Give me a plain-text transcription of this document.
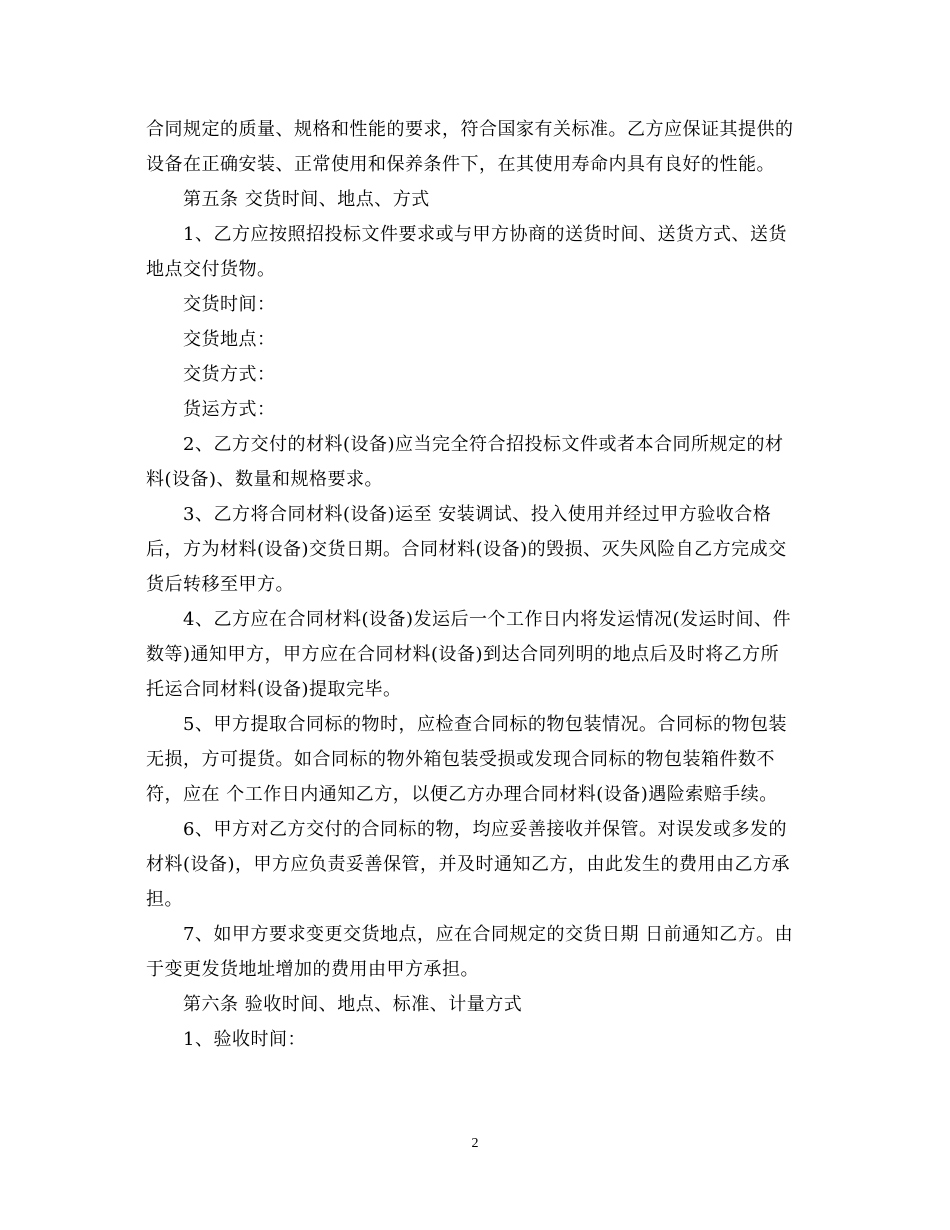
合同规定的质量、规格和性能的要求，符合国家有关标准。乙方应保证其提供的

设备在正确安装、正常使用和保养条件下，在其使用寿命内具有良好的性能。

第五条 交货时间、地点、方式

1、乙方应按照招投标文件要求或与甲方协商的送货时间、送货方式、送货

地点交付货物。

交货时间：

交货地点：

交货方式：

货运方式：

2、乙方交付的材料(设备)应当完全符合招投标文件或者本合同所规定的材

料(设备)、数量和规格要求。

3、乙方将合同材料(设备)运至 安装调试、投入使用并经过甲方验收合格

后，方为材料(设备)交货日期。合同材料(设备)的毁损、灭失风险自乙方完成交

货后转移至甲方。

4、乙方应在合同材料(设备)发运后一个工作日内将发运情况(发运时间、件

数等)通知甲方，甲方应在合同材料(设备)到达合同列明的地点后及时将乙方所

托运合同材料(设备)提取完毕。

5、甲方提取合同标的物时，应检查合同标的物包装情况。合同标的物包装

无损，方可提货。如合同标的物外箱包装受损或发现合同标的物包装箱件数不

符，应在 个工作日内通知乙方，以便乙方办理合同材料(设备)遇险索赔手续。

6、甲方对乙方交付的合同标的物，均应妥善接收并保管。对误发或多发的

材料(设备)，甲方应负责妥善保管，并及时通知乙方，由此发生的费用由乙方承

担。

7、如甲方要求变更交货地点，应在合同规定的交货日期 日前通知乙方。由

于变更发货地址增加的费用由甲方承担。

第六条 验收时间、地点、标准、计量方式

1、验收时间：

2
